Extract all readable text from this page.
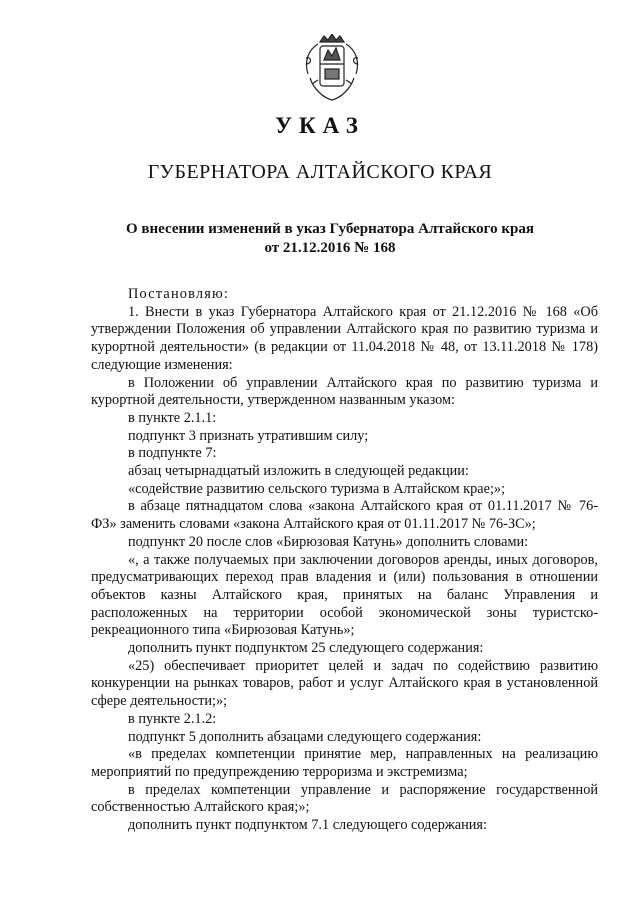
УКАЗ
ГУБЕРНАТОРА АЛТАЙСКОГО КРАЯ
О внесении изменений в указ Губернатора Алтайского края
от 21.12.2016 № 168

Постановляю:

1. Внести в указ Губернатора Алтайского края от 21.12.2016 № 168 «Об утверждении Положения об управлении Алтайского края по развитию туризма и курортной деятельности» (в редакции от 11.04.2018 № 48, от 13.11.2018 № 178) следующие изменения:

в Положении об управлении Алтайского края по развитию туризма и курортной деятельности, утвержденном названным указом:

в пункте 2.1.1:

подпункт 3 признать утратившим силу;

в подпункте 7:

абзац четырнадцатый изложить в следующей редакции:

«содействие развитию сельского туризма в Алтайском крае;»;

в абзаце пятнадцатом слова «закона Алтайского края от 01.11.2017 № 76-ФЗ» заменить словами «закона Алтайского края от 01.11.2017 № 76-ЗС»;

подпункт 20 после слов «Бирюзовая Катунь» дополнить словами:

«, а также получаемых при заключении договоров аренды, иных договоров, предусматривающих переход прав владения и (или) пользования в отношении объектов казны Алтайского края, принятых на баланс Управления и расположенных на территории особой экономической зоны туристско-рекреационного типа «Бирюзовая Катунь»;

дополнить пункт подпунктом 25 следующего содержания:

«25) обеспечивает приоритет целей и задач по содействию развитию конкуренции на рынках товаров, работ и услуг Алтайского края в установленной сфере деятельности;»;

в пункте 2.1.2:

подпункт 5 дополнить абзацами следующего содержания:

«в пределах компетенции принятие мер, направленных на реализацию мероприятий по предупреждению терроризма и экстремизма;

в пределах компетенции управление и распоряжение государственной собственностью Алтайского края;»;

дополнить пункт подпунктом 7.1 следующего содержания:
